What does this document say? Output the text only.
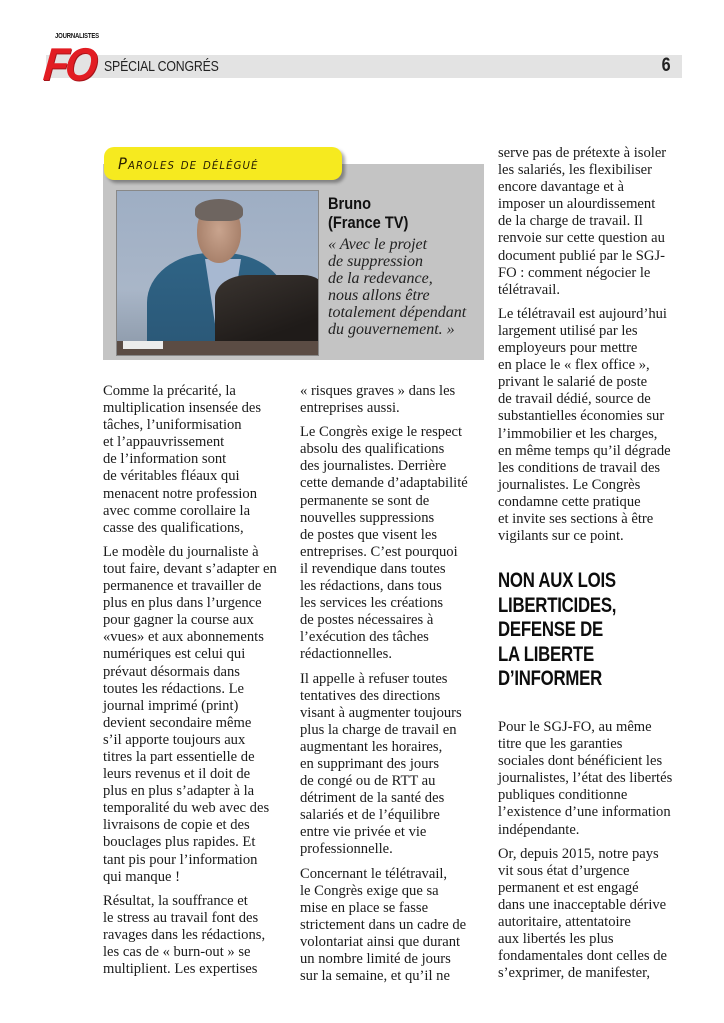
JOURNALISTES
FO SPÉCIAL CONGRÉS	6
Paroles de délégué
Bruno
(France TV)
« Avec le projet
de suppression
de la redevance,
nous allons être
totalement dépendant
du gouvernement. »

Comme la précarité, la
multiplication insensée des
tâches, l’uniformisation
et l’appauvrissement
de l’information sont
de véritables fléaux qui
menacent notre profession
avec comme corollaire la
casse des qualifications,

Le modèle du journaliste à
tout faire, devant s’adapter en
permanence et travailler de
plus en plus dans l’urgence
pour gagner la course aux
«vues» et aux abonnements
numériques est celui qui
prévaut désormais dans
toutes les rédactions. Le
journal imprimé (print)
devient secondaire même
s’il apporte toujours aux
titres la part essentielle de
leurs revenus et il doit de
plus en plus s’adapter à la
temporalité du web avec des
livraisons de copie et des
bouclages plus rapides. Et
tant pis pour l’information
qui manque !

Résultat, la souffrance et
le stress au travail font des
ravages dans les rédactions,
les cas de « burn-out » se
multiplient. Les expertises

« risques graves » dans les
entreprises aussi.

Le Congrès exige le respect
absolu des qualifications
des journalistes. Derrière
cette demande d’adaptabilité
permanente se sont de
nouvelles suppressions
de postes que visent les
entreprises. C’est pourquoi
il revendique dans toutes
les rédactions, dans tous
les services les créations
de postes nécessaires à
l’exécution des tâches
rédactionnelles.

Il appelle à refuser toutes
tentatives des directions
visant à augmenter toujours
plus la charge de travail en
augmentant les horaires,
en supprimant des jours
de congé ou de RTT au
détriment de la santé des
salariés et de l’équilibre
entre vie privée et vie
professionnelle.

Concernant le télétravail,
le Congrès exige que sa
mise en place se fasse
strictement dans un cadre de
volontariat ainsi que durant
un nombre limité de jours
sur la semaine, et qu’il ne

serve pas de prétexte à isoler
les salariés, les flexibiliser
encore davantage et à
imposer un alourdissement
de la charge de travail. Il
renvoie sur cette question au
document publié par le SGJ-
FO : comment négocier le
télétravail.

Le télétravail est aujourd’hui
largement utilisé par les
employeurs pour mettre
en place le « flex office »,
privant le salarié de poste
de travail dédié, source de
substantielles économies sur
l’immobilier et les charges,
en même temps qu’il dégrade
les conditions de travail des
journalistes. Le Congrès
condamne cette pratique
et invite ses sections à être
vigilants sur ce point.

NON AUX LOIS
LIBERTICIDES,
DEFENSE DE
LA LIBERTE
D’INFORMER

Pour le SGJ-FO, au même
titre que les garanties
sociales dont bénéficient les
journalistes, l’état des libertés
publiques conditionne
l’existence d’une information
indépendante.

Or, depuis 2015, notre pays
vit sous état d’urgence
permanent et est engagé
dans une inacceptable dérive
autoritaire, attentatoire
aux libertés les plus
fondamentales dont celles de
s’exprimer, de manifester,
